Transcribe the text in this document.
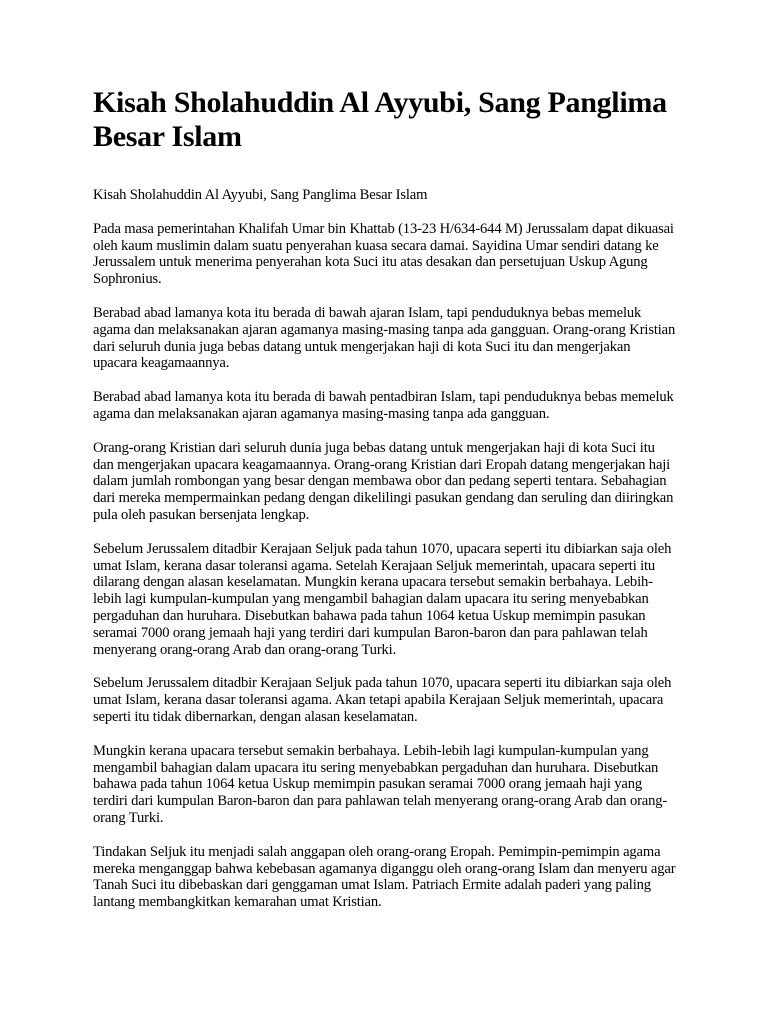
Kisah Sholahuddin Al Ayyubi, Sang Panglima Besar Islam

Kisah Sholahuddin Al Ayyubi, Sang Panglima Besar Islam

Pada masa pemerintahan Khalifah Umar bin Khattab (13-23 H/634-644 M) Jerussalam dapat dikuasai oleh kaum muslimin dalam suatu penyerahan kuasa secara damai. Sayidina Umar sendiri datang ke Jerussalem untuk menerima penyerahan kota Suci itu atas desakan dan persetujuan Uskup Agung Sophronius.

Berabad abad lamanya kota itu berada di bawah ajaran Islam, tapi penduduknya bebas memeluk agama dan melaksanakan ajaran agamanya masing-masing tanpa ada gangguan. Orang-orang Kristian dari seluruh dunia juga bebas datang untuk mengerjakan haji di kota Suci itu dan mengerjakan upacara keagamaannya.

Berabad abad lamanya kota itu berada di bawah pentadbiran Islam, tapi penduduknya bebas memeluk agama dan melaksanakan ajaran agamanya masing-masing tanpa ada gangguan.

Orang-orang Kristian dari seluruh dunia juga bebas datang untuk mengerjakan haji di kota Suci itu dan mengerjakan upacara keagamaannya. Orang-orang Kristian dari Eropah datang mengerjakan haji dalam jumlah rombongan yang besar dengan membawa obor dan pedang seperti tentara. Sebahagian dari mereka mempermainkan pedang dengan dikelilingi pasukan gendang dan seruling dan diiringkan pula oleh pasukan bersenjata lengkap.

Sebelum Jerussalem ditadbir Kerajaan Seljuk pada tahun 1070, upacara seperti itu dibiarkan saja oleh umat Islam, kerana dasar toleransi agama. Setelah Kerajaan Seljuk memerintah, upacara seperti itu dilarang dengan alasan keselamatan. Mungkin kerana upacara tersebut semakin berbahaya. Lebih-lebih lagi kumpulan-kumpulan yang mengambil bahagian dalam upacara itu sering menyebabkan pergaduhan dan huruhara. Disebutkan bahawa pada tahun 1064 ketua Uskup memimpin pasukan seramai 7000 orang jemaah haji yang terdiri dari kumpulan Baron-baron dan para pahlawan telah menyerang orang-orang Arab dan orang-orang Turki.

Sebelum Jerussalem ditadbir Kerajaan Seljuk pada tahun 1070, upacara seperti itu dibiarkan saja oleh umat Islam, kerana dasar toleransi agama. Akan tetapi apabila Kerajaan Seljuk memerintah, upacara seperti itu tidak dibernarkan, dengan alasan keselamatan.

Mungkin kerana upacara tersebut semakin berbahaya. Lebih-lebih lagi kumpulan-kumpulan yang mengambil bahagian dalam upacara itu sering menyebabkan pergaduhan dan huruhara. Disebutkan bahawa pada tahun 1064 ketua Uskup memimpin pasukan seramai 7000 orang jemaah haji yang terdiri dari kumpulan Baron-baron dan para pahlawan telah menyerang orang-orang Arab dan orang-orang Turki.

Tindakan Seljuk itu menjadi salah anggapan oleh orang-orang Eropah. Pemimpin-pemimpin agama mereka menganggap bahwa kebebasan agamanya diganggu oleh orang-orang Islam dan menyeru agar Tanah Suci itu dibebaskan dari genggaman umat Islam. Patriach Ermite adalah paderi yang paling lantang membangkitkan kemarahan umat Kristian.
